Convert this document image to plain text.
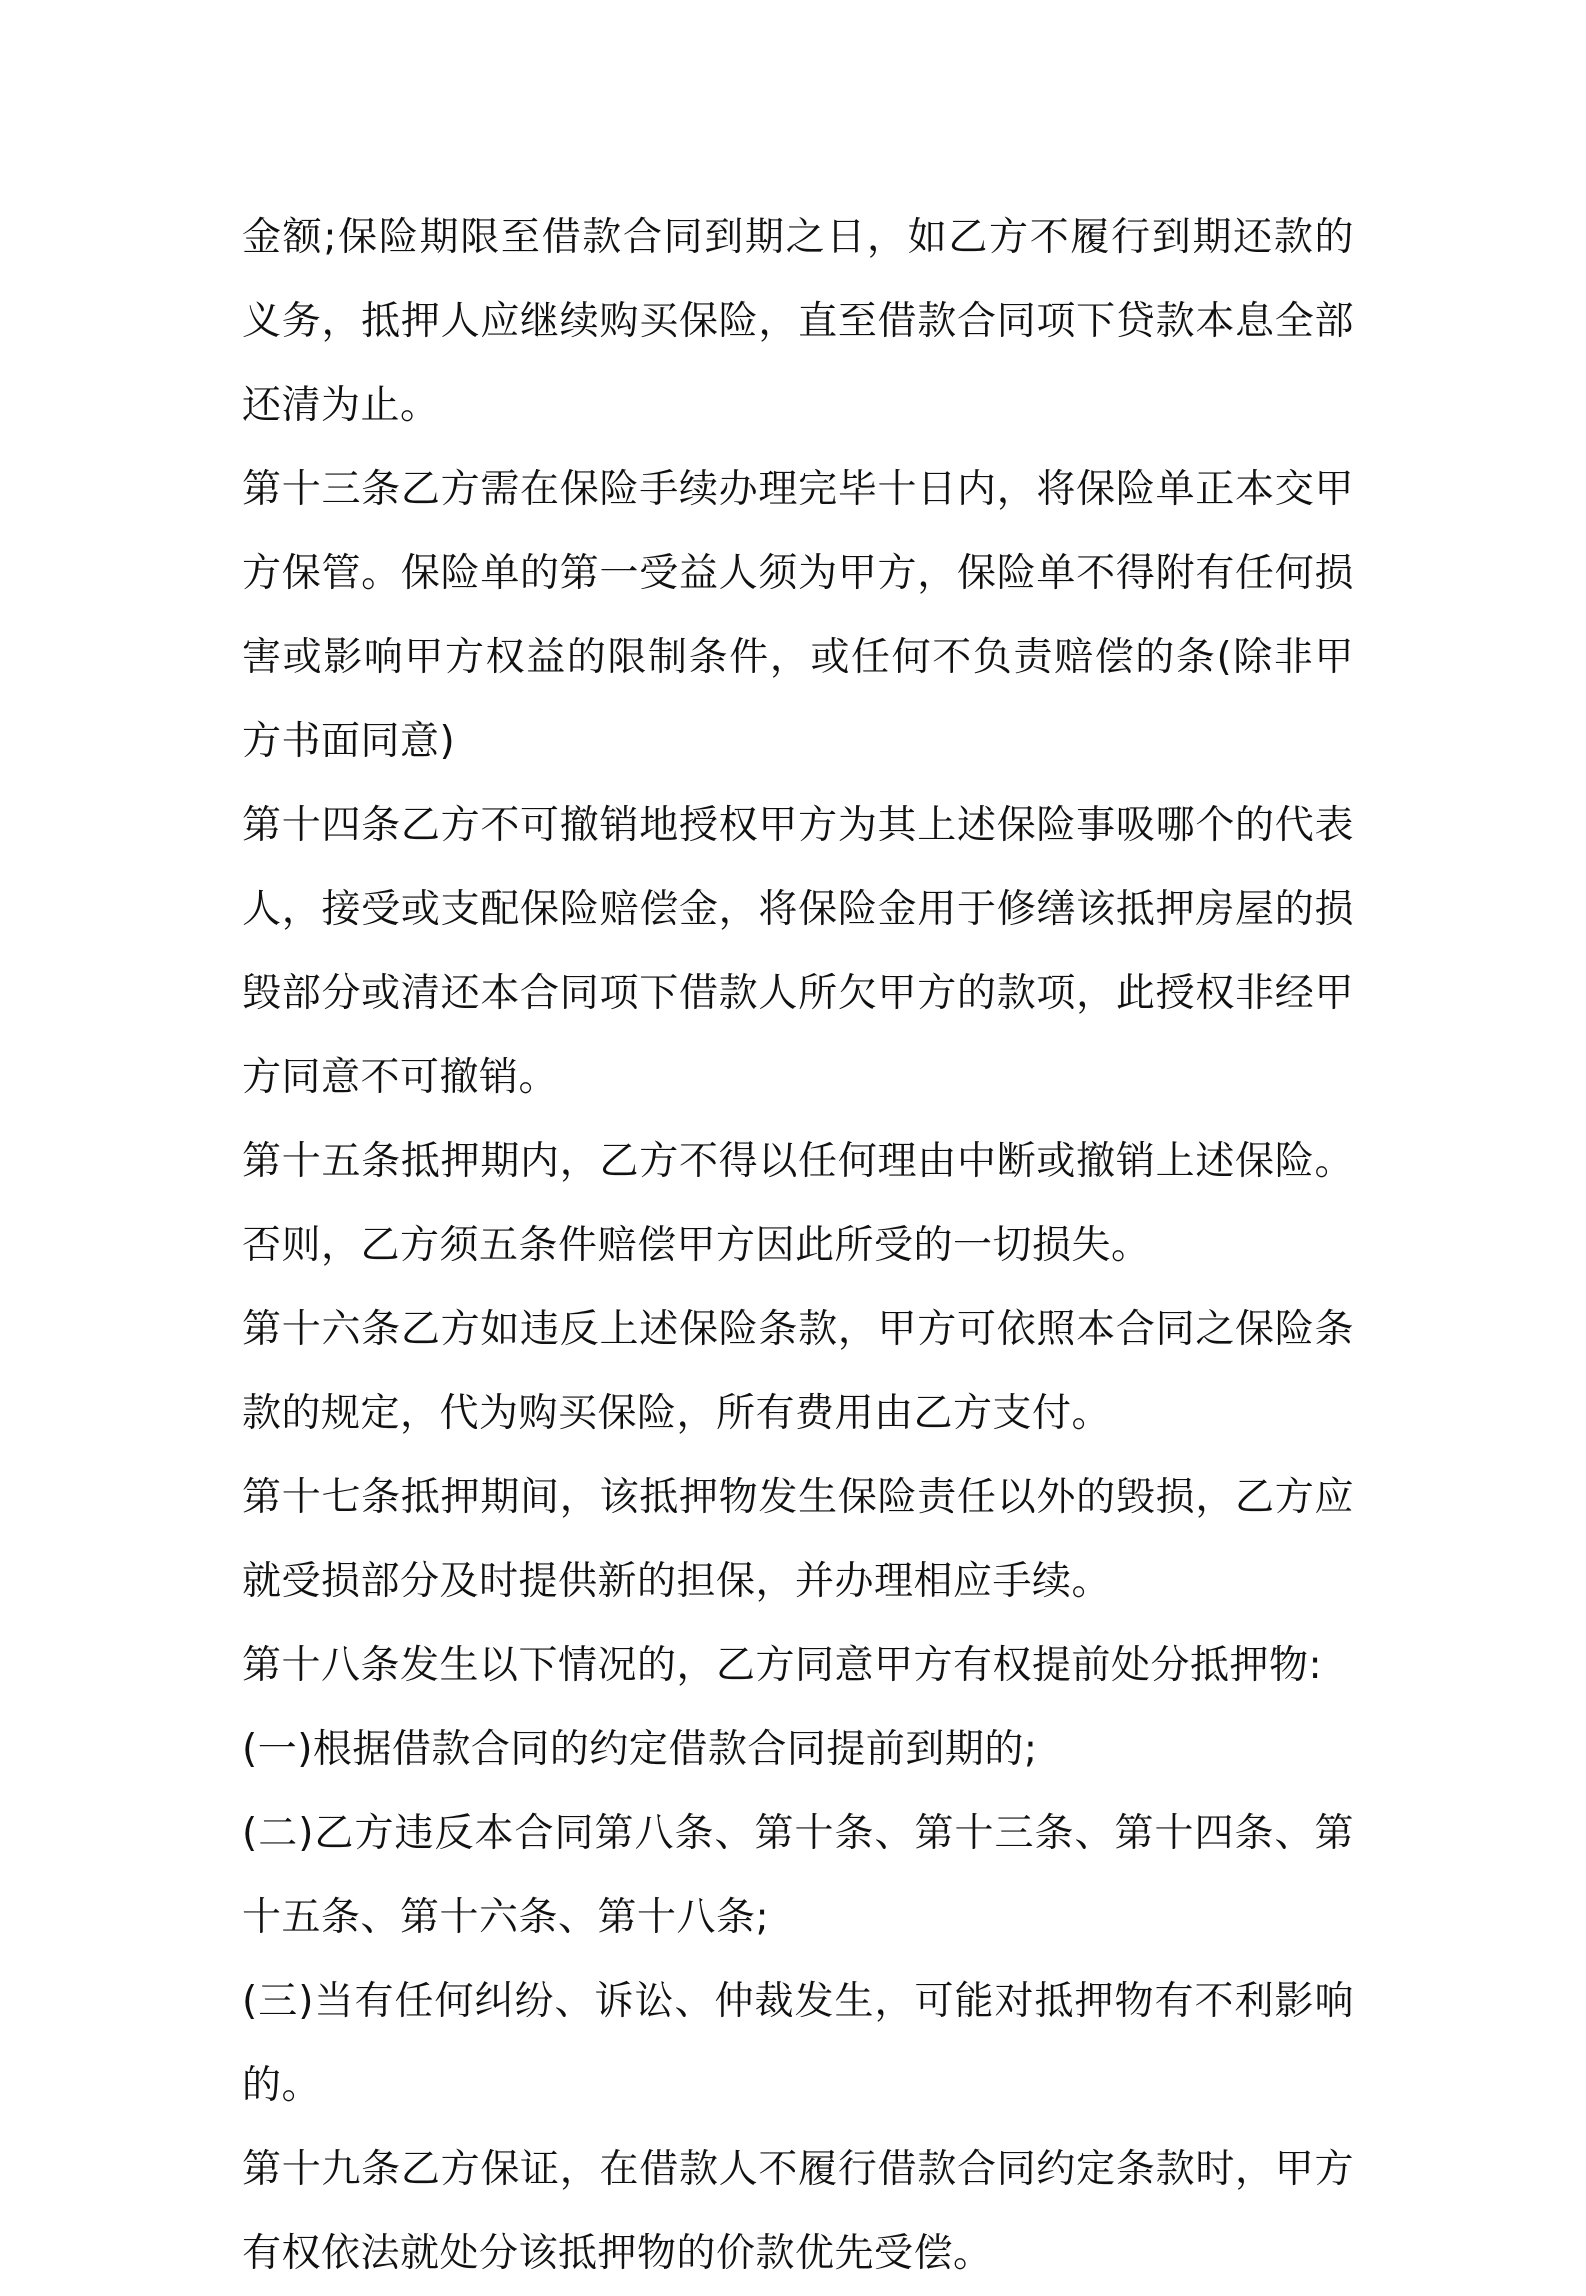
金额;保险期限至借款合同到期之日，如乙方不履行到期还款的义务，抵押人应继续购买保险，直至借款合同项下贷款本息全部还清为止。

第十三条乙方需在保险手续办理完毕十日内，将保险单正本交甲方保管。保险单的第一受益人须为甲方，保险单不得附有任何损害或影响甲方权益的限制条件，或任何不负责赔偿的条(除非甲方书面同意)

第十四条乙方不可撤销地授权甲方为其上述保险事吸哪个的代表人，接受或支配保险赔偿金，将保险金用于修缮该抵押房屋的损毁部分或清还本合同项下借款人所欠甲方的款项，此授权非经甲方同意不可撤销。

第十五条抵押期内，乙方不得以任何理由中断或撤销上述保险。否则，乙方须五条件赔偿甲方因此所受的一切损失。

第十六条乙方如违反上述保险条款，甲方可依照本合同之保险条款的规定，代为购买保险，所有费用由乙方支付。

第十七条抵押期间，该抵押物发生保险责任以外的毁损，乙方应就受损部分及时提供新的担保，并办理相应手续。

第十八条发生以下情况的，乙方同意甲方有权提前处分抵押物:

(一)根据借款合同的约定借款合同提前到期的;

(二)乙方违反本合同第八条、第十条、第十三条、第十四条、第十五条、第十六条、第十八条;

(三)当有任何纠纷、诉讼、仲裁发生，可能对抵押物有不利影响的。

第十九条乙方保证，在借款人不履行借款合同约定条款时，甲方有权依法就处分该抵押物的价款优先受偿。
